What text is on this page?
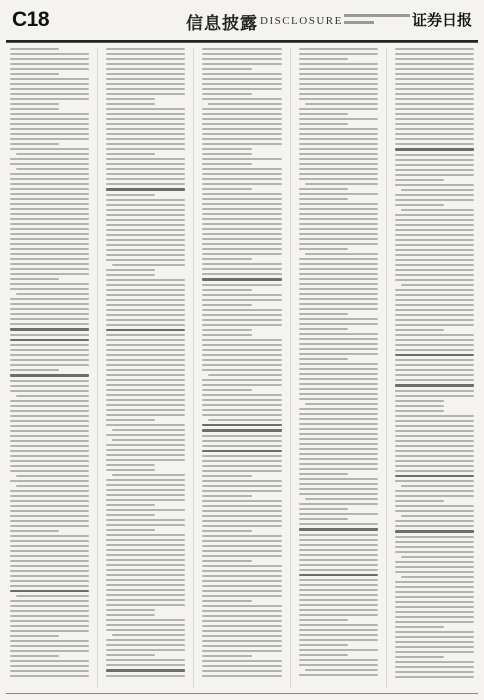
C18	信息披露 DISCLOSURE	证券日报
